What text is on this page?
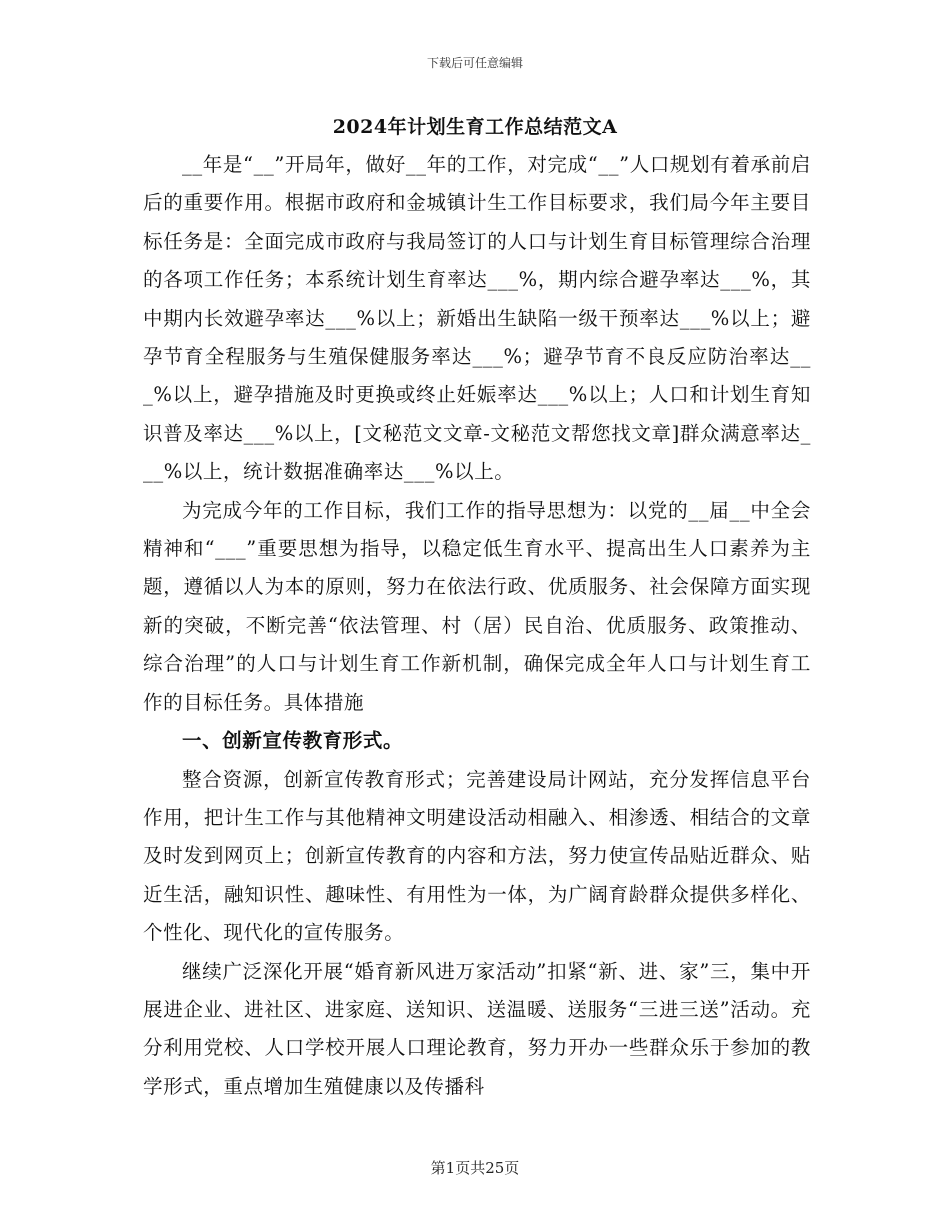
下载后可任意编辑
2024年计划生育工作总结范文A

__年是“__”开局年，做好__年的工作，对完成“__”人口规划有着承前启后的重要作用。根据市政府和金城镇计生工作目标要求，我们局今年主要目标任务是：全面完成市政府与我局签订的人口与计划生育目标管理综合治理的各项工作任务；本系统计划生育率达___%，期内综合避孕率达___%，其中期内长效避孕率达___%以上；新婚出生缺陷一级干预率达___%以上；避孕节育全程服务与生殖保健服务率达___%；避孕节育不良反应防治率达___%以上，避孕措施及时更换或终止妊娠率达___%以上；人口和计划生育知识普及率达___%以上，[文秘范文文章-文秘范文帮您找文章]群众满意率达___%以上，统计数据准确率达___%以上。

为完成今年的工作目标，我们工作的指导思想为：以党的__届__中全会精神和“___”重要思想为指导，以稳定低生育水平、提高出生人口素养为主题，遵循以人为本的原则，努力在依法行政、优质服务、社会保障方面实现新的突破，不断完善“依法管理、村（居）民自治、优质服务、政策推动、综合治理”的人口与计划生育工作新机制，确保完成全年人口与计划生育工作的目标任务。具体措施

一、创新宣传教育形式。

整合资源，创新宣传教育形式；完善建设局计网站，充分发挥信息平台作用，把计生工作与其他精神文明建设活动相融入、相渗透、相结合的文章及时发到网页上；创新宣传教育的内容和方法，努力使宣传品贴近群众、贴近生活，融知识性、趣味性、有用性为一体，为广阔育龄群众提供多样化、个性化、现代化的宣传服务。

继续广泛深化开展“婚育新风进万家活动”扣紧“新、进、家”三，集中开展进企业、进社区、进家庭、送知识、送温暖、送服务“三进三送”活动。充分利用党校、人口学校开展人口理论教育，努力开办一些群众乐于参加的教学形式，重点增加生殖健康以及传播科

第1页共25页
